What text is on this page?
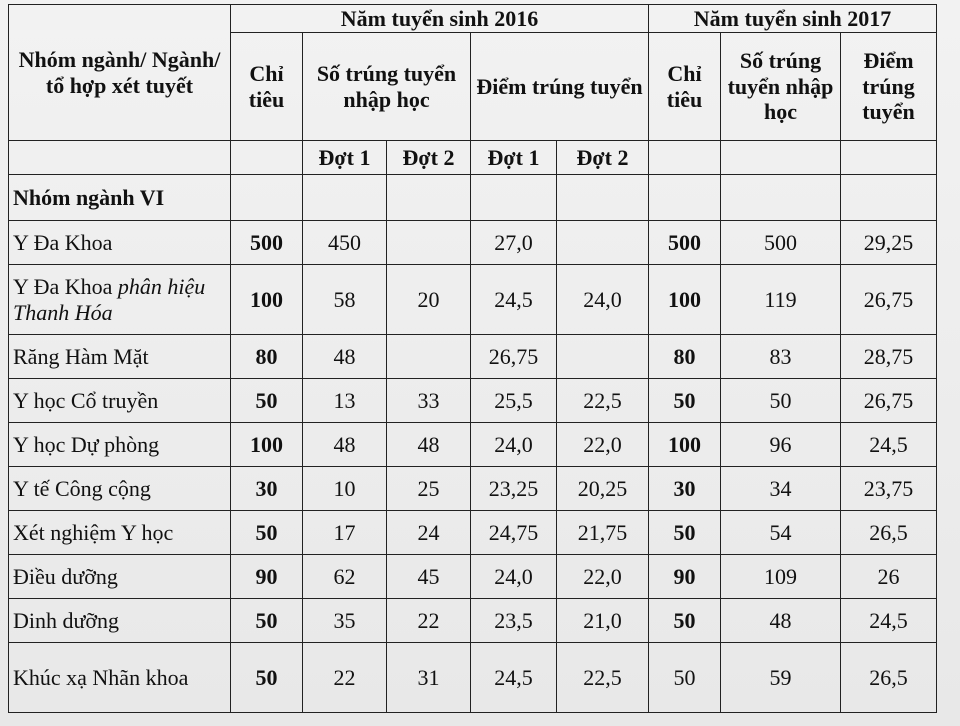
Nhóm ngành/ Ngành/ tổ hợp xét tuyết	Năm tuyển sinh 2016					Năm tuyển sinh 2017		
	Chỉ tiêu	Số trúng tuyển nhập học		Điểm trúng tuyển		Chỉ tiêu	Số trúng tuyển nhập học	Điểm trúng tuyển
		Đợt 1	Đợt 2	Đợt 1	Đợt 2			
Nhóm ngành VI								
Y Đa Khoa	500	450		27,0		500	500	29,25
Y Đa Khoa phân hiệu Thanh Hóa	100	58	20	24,5	24,0	100	119	26,75
Răng Hàm Mặt	80	48		26,75		80	83	28,75
Y học Cổ truyền	50	13	33	25,5	22,5	50	50	26,75
Y học Dự phòng	100	48	48	24,0	22,0	100	96	24,5
Y tế Công cộng	30	10	25	23,25	20,25	30	34	23,75
Xét nghiệm Y học	50	17	24	24,75	21,75	50	54	26,5
Điều dưỡng	90	62	45	24,0	22,0	90	109	26
Dinh dưỡng	50	35	22	23,5	21,0	50	48	24,5
Khúc xạ Nhãn khoa	50	22	31	24,5	22,5	50	59	26,5
